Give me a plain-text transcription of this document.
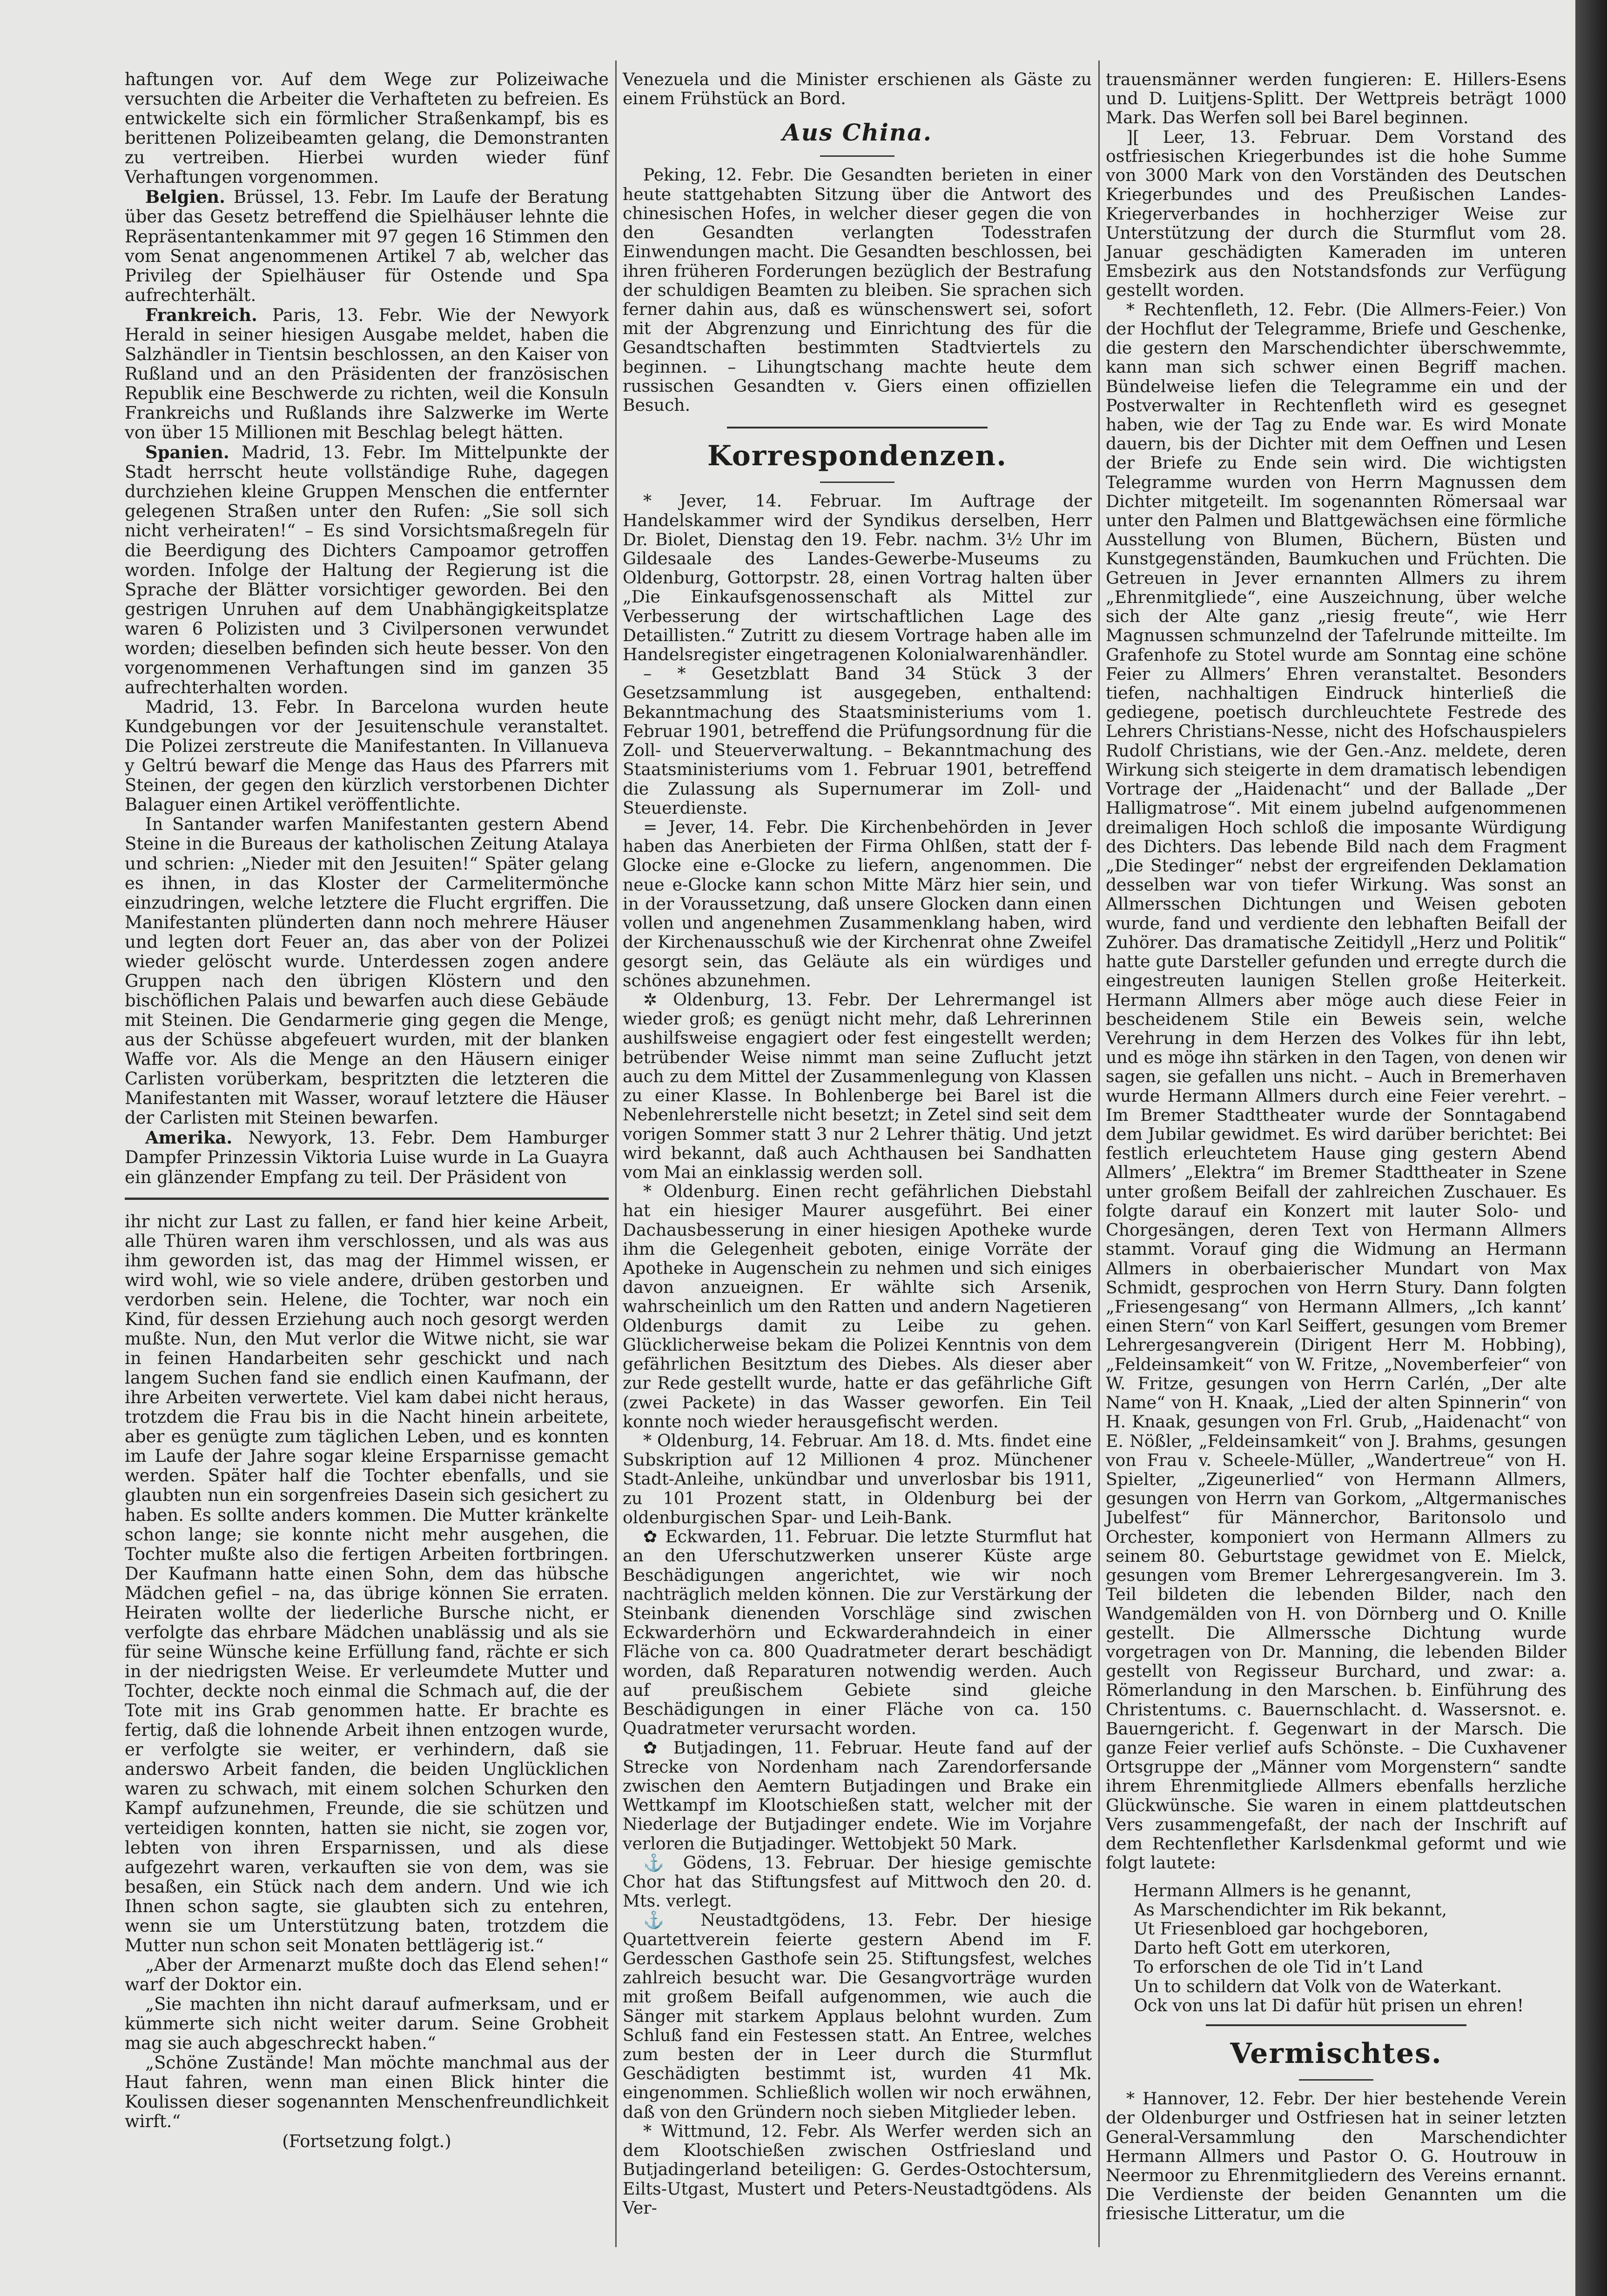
haftungen vor. Auf dem Wege zur Polizeiwache versuchten die Arbeiter die Verhafteten zu befreien. Es entwickelte sich ein förmlicher Straßenkampf, bis es berittenen Polizeibeamten gelang, die Demonstranten zu vertreiben. Hierbei wurden wieder fünf Verhaftungen vorgenommen.

Belgien. Brüssel, 13. Febr. Im Laufe der Beratung über das Gesetz betreffend die Spielhäuser lehnte die Repräsentantenkammer mit 97 gegen 16 Stimmen den vom Senat angenommenen Artikel 7 ab, welcher das Privileg der Spielhäuser für Ostende und Spa aufrechterhält.

Frankreich. Paris, 13. Febr. Wie der Newyork Herald in seiner hiesigen Ausgabe meldet, haben die Salzhändler in Tientsin beschlossen, an den Kaiser von Rußland und an den Präsidenten der französischen Republik eine Beschwerde zu richten, weil die Konsuln Frankreichs und Rußlands ihre Salzwerke im Werte von über 15 Millionen mit Beschlag belegt hätten.

Spanien. Madrid, 13. Febr. Im Mittelpunkte der Stadt herrscht heute vollständige Ruhe, dagegen durchziehen kleine Gruppen Menschen die entfernter gelegenen Straßen unter den Rufen: „Sie soll sich nicht verheiraten!“ – Es sind Vorsichtsmaßregeln für die Beerdigung des Dichters Campoamor getroffen worden. Infolge der Haltung der Regierung ist die Sprache der Blätter vorsichtiger geworden. Bei den gestrigen Unruhen auf dem Unabhängigkeitsplatze waren 6 Polizisten und 3 Civilpersonen verwundet worden; dieselben befinden sich heute besser. Von den vorgenommenen Verhaftungen sind im ganzen 35 aufrechterhalten worden.

Madrid, 13. Febr. In Barcelona wurden heute Kundgebungen vor der Jesuitenschule veranstaltet. Die Polizei zerstreute die Manifestanten. In Villanueva y Geltrú bewarf die Menge das Haus des Pfarrers mit Steinen, der gegen den kürzlich verstorbenen Dichter Balaguer einen Artikel veröffentlichte.

In Santander warfen Manifestanten gestern Abend Steine in die Bureaus der katholischen Zeitung Atalaya und schrien: „Nieder mit den Jesuiten!“ Später gelang es ihnen, in das Kloster der Carmelitermönche einzudringen, welche letztere die Flucht ergriffen. Die Manifestanten plünderten dann noch mehrere Häuser und legten dort Feuer an, das aber von der Polizei wieder gelöscht wurde. Unterdessen zogen andere Gruppen nach den übrigen Klöstern und den bischöflichen Palais und bewarfen auch diese Gebäude mit Steinen. Die Gendarmerie ging gegen die Menge, aus der Schüsse abgefeuert wurden, mit der blanken Waffe vor. Als die Menge an den Häusern einiger Carlisten vorüberkam, bespritzten die letzteren die Manifestanten mit Wasser, worauf letztere die Häuser der Carlisten mit Steinen bewarfen.

Amerika. Newyork, 13. Febr. Dem Hamburger Dampfer Prinzessin Viktoria Luise wurde in La Guayra ein glänzender Empfang zu teil. Der Präsident von

ihr nicht zur Last zu fallen, er fand hier keine Arbeit, alle Thüren waren ihm verschlossen, und als was aus ihm geworden ist, das mag der Himmel wissen, er wird wohl, wie so viele andere, drüben gestorben und verdorben sein. Helene, die Tochter, war noch ein Kind, für dessen Erziehung auch noch gesorgt werden mußte. Nun, den Mut verlor die Witwe nicht, sie war in feinen Handarbeiten sehr geschickt und nach langem Suchen fand sie endlich einen Kaufmann, der ihre Arbeiten verwertete. Viel kam dabei nicht heraus, trotzdem die Frau bis in die Nacht hinein arbeitete, aber es genügte zum täglichen Leben, und es konnten im Laufe der Jahre sogar kleine Ersparnisse gemacht werden. Später half die Tochter ebenfalls, und sie glaubten nun ein sorgenfreies Dasein sich gesichert zu haben. Es sollte anders kommen. Die Mutter kränkelte schon lange; sie konnte nicht mehr ausgehen, die Tochter mußte also die fertigen Arbeiten fortbringen. Der Kaufmann hatte einen Sohn, dem das hübsche Mädchen gefiel – na, das übrige können Sie erraten. Heiraten wollte der liederliche Bursche nicht, er verfolgte das ehrbare Mädchen unablässig und als sie für seine Wünsche keine Erfüllung fand, rächte er sich in der niedrigsten Weise. Er verleumdete Mutter und Tochter, deckte noch einmal die Schmach auf, die der Tote mit ins Grab genommen hatte. Er brachte es fertig, daß die lohnende Arbeit ihnen entzogen wurde, er verfolgte sie weiter, er verhindern, daß sie anderswo Arbeit fanden, die beiden Unglücklichen waren zu schwach, mit einem solchen Schurken den Kampf aufzunehmen, Freunde, die sie schützen und verteidigen konnten, hatten sie nicht, sie zogen vor, lebten von ihren Ersparnissen, und als diese aufgezehrt waren, verkauften sie von dem, was sie besaßen, ein Stück nach dem andern. Und wie ich Ihnen schon sagte, sie glaubten sich zu entehren, wenn sie um Unterstützung baten, trotzdem die Mutter nun schon seit Monaten bettlägerig ist.“

„Aber der Armenarzt mußte doch das Elend sehen!“ warf der Doktor ein.

„Sie machten ihn nicht darauf aufmerksam, und er kümmerte sich nicht weiter darum. Seine Grobheit mag sie auch abgeschreckt haben.“

„Schöne Zustände! Man möchte manchmal aus der Haut fahren, wenn man einen Blick hinter die Koulissen dieser sogenannten Menschenfreundlichkeit wirft.“

(Fortsetzung folgt.)

Venezuela und die Minister erschienen als Gäste zu einem Frühstück an Bord.

Aus China.

Peking, 12. Febr. Die Gesandten berieten in einer heute stattgehabten Sitzung über die Antwort des chinesischen Hofes, in welcher dieser gegen die von den Gesandten verlangten Todesstrafen Einwendungen macht. Die Gesandten beschlossen, bei ihren früheren Forderungen bezüglich der Bestrafung der schuldigen Beamten zu bleiben. Sie sprachen sich ferner dahin aus, daß es wünschenswert sei, sofort mit der Abgrenzung und Einrichtung des für die Gesandtschaften bestimmten Stadtviertels zu beginnen. – Lihungtschang machte heute dem russischen Gesandten v. Giers einen offiziellen Besuch.

Korrespondenzen.

* Jever, 14. Februar. Im Auftrage der Handelskammer wird der Syndikus derselben, Herr Dr. Biolet, Dienstag den 19. Febr. nachm. 3½ Uhr im Gildesaale des Landes-Gewerbe-Museums zu Oldenburg, Gottorpstr. 28, einen Vortrag halten über „Die Einkaufsgenossenschaft als Mittel zur Verbesserung der wirtschaftlichen Lage des Detaillisten.“ Zutritt zu diesem Vortrage haben alle im Handelsregister eingetragenen Kolonialwarenhändler.

– * Gesetzblatt Band 34 Stück 3 der Gesetzsammlung ist ausgegeben, enthaltend: Bekanntmachung des Staatsministeriums vom 1. Februar 1901, betreffend die Prüfungsordnung für die Zoll- und Steuerverwaltung. – Bekanntmachung des Staatsministeriums vom 1. Februar 1901, betreffend die Zulassung als Supernumerar im Zoll- und Steuerdienste.

= Jever, 14. Febr. Die Kirchenbehörden in Jever haben das Anerbieten der Firma Ohlßen, statt der f-Glocke eine e-Glocke zu liefern, angenommen. Die neue e-Glocke kann schon Mitte März hier sein, und in der Voraussetzung, daß unsere Glocken dann einen vollen und angenehmen Zusammenklang haben, wird der Kirchenausschuß wie der Kirchenrat ohne Zweifel gesorgt sein, das Geläute als ein würdiges und schönes abzunehmen.

✲ Oldenburg, 13. Febr. Der Lehrermangel ist wieder groß; es genügt nicht mehr, daß Lehrerinnen aushilfsweise engagiert oder fest eingestellt werden; betrübender Weise nimmt man seine Zuflucht jetzt auch zu dem Mittel der Zusammenlegung von Klassen zu einer Klasse. In Bohlenberge bei Barel ist die Nebenlehrerstelle nicht besetzt; in Zetel sind seit dem vorigen Sommer statt 3 nur 2 Lehrer thätig. Und jetzt wird bekannt, daß auch Achthausen bei Sandhatten vom Mai an einklassig werden soll.

* Oldenburg. Einen recht gefährlichen Diebstahl hat ein hiesiger Maurer ausgeführt. Bei einer Dachausbesserung in einer hiesigen Apotheke wurde ihm die Gelegenheit geboten, einige Vorräte der Apotheke in Augenschein zu nehmen und sich einiges davon anzueignen. Er wählte sich Arsenik, wahrscheinlich um den Ratten und andern Nagetieren Oldenburgs damit zu Leibe zu gehen. Glücklicherweise bekam die Polizei Kenntnis von dem gefährlichen Besitztum des Diebes. Als dieser aber zur Rede gestellt wurde, hatte er das gefährliche Gift (zwei Packete) in das Wasser geworfen. Ein Teil konnte noch wieder herausgefischt werden.

* Oldenburg, 14. Februar. Am 18. d. Mts. findet eine Subskription auf 12 Millionen 4 proz. Münchener Stadt-Anleihe, unkündbar und unverlosbar bis 1911, zu 101 Prozent statt, in Oldenburg bei der oldenburgischen Spar- und Leih-Bank.

✿ Eckwarden, 11. Februar. Die letzte Sturmflut hat an den Uferschutzwerken unserer Küste arge Beschädigungen angerichtet, wie wir noch nachträglich melden können. Die zur Verstärkung der Steinbank dienenden Vorschläge sind zwischen Eckwarderhörn und Eckwarderahndeich in einer Fläche von ca. 800 Quadratmeter derart beschädigt worden, daß Reparaturen notwendig werden. Auch auf preußischem Gebiete sind gleiche Beschädigungen in einer Fläche von ca. 150 Quadratmeter verursacht worden.

✿ Butjadingen, 11. Februar. Heute fand auf der Strecke von Nordenham nach Zarendorfersande zwischen den Aemtern Butjadingen und Brake ein Wettkampf im Klootschießen statt, welcher mit der Niederlage der Butjadinger endete. Wie im Vorjahre verloren die Butjadinger. Wettobjekt 50 Mark.

⚓ Gödens, 13. Februar. Der hiesige gemischte Chor hat das Stiftungsfest auf Mittwoch den 20. d. Mts. verlegt.

⚓ Neustadtgödens, 13. Febr. Der hiesige Quartettverein feierte gestern Abend im F. Gerdesschen Gasthofe sein 25. Stiftungsfest, welches zahlreich besucht war. Die Gesangvorträge wurden mit großem Beifall aufgenommen, wie auch die Sänger mit starkem Applaus belohnt wurden. Zum Schluß fand ein Festessen statt. An Entree, welches zum besten der in Leer durch die Sturmflut Geschädigten bestimmt ist, wurden 41 Mk. eingenommen. Schließlich wollen wir noch erwähnen, daß von den Gründern noch sieben Mitglieder leben.

* Wittmund, 12. Febr. Als Werfer werden sich an dem Klootschießen zwischen Ostfriesland und Butjadingerland beteiligen: G. Gerdes-Ostochtersum, Eilts-Utgast, Mustert und Peters-Neustadtgödens. Als Ver-

trauensmänner werden fungieren: E. Hillers-Esens und D. Luitjens-Splitt. Der Wettpreis beträgt 1000 Mark. Das Werfen soll bei Barel beginnen.

][ Leer, 13. Februar. Dem Vorstand des ostfriesischen Kriegerbundes ist die hohe Summe von 3000 Mark von den Vorständen des Deutschen Kriegerbundes und des Preußischen Landes-Kriegerverbandes in hochherziger Weise zur Unterstützung der durch die Sturmflut vom 28. Januar geschädigten Kameraden im unteren Emsbezirk aus den Notstandsfonds zur Verfügung gestellt worden.

* Rechtenfleth, 12. Febr. (Die Allmers-Feier.) Von der Hochflut der Telegramme, Briefe und Geschenke, die gestern den Marschendichter überschwemmte, kann man sich schwer einen Begriff machen. Bündelweise liefen die Telegramme ein und der Postverwalter in Rechtenfleth wird es gesegnet haben, wie der Tag zu Ende war. Es wird Monate dauern, bis der Dichter mit dem Oeffnen und Lesen der Briefe zu Ende sein wird. Die wichtigsten Telegramme wurden von Herrn Magnussen dem Dichter mitgeteilt. Im sogenannten Römersaal war unter den Palmen und Blattgewächsen eine förmliche Ausstellung von Blumen, Büchern, Büsten und Kunstgegenständen, Baumkuchen und Früchten. Die Getreuen in Jever ernannten Allmers zu ihrem „Ehrenmitgliede“, eine Auszeichnung, über welche sich der Alte ganz „riesig freute“, wie Herr Magnussen schmunzelnd der Tafelrunde mitteilte. Im Grafenhofe zu Stotel wurde am Sonntag eine schöne Feier zu Allmers’ Ehren veranstaltet. Besonders tiefen, nachhaltigen Eindruck hinterließ die gediegene, poetisch durchleuchtete Festrede des Lehrers Christians-Nesse, nicht des Hofschauspielers Rudolf Christians, wie der Gen.-Anz. meldete, deren Wirkung sich steigerte in dem dramatisch lebendigen Vortrage der „Haidenacht“ und der Ballade „Der Halligmatrose“. Mit einem jubelnd aufgenommenen dreimaligen Hoch schloß die imposante Würdigung des Dichters. Das lebende Bild nach dem Fragment „Die Stedinger“ nebst der ergreifenden Deklamation desselben war von tiefer Wirkung. Was sonst an Allmersschen Dichtungen und Weisen geboten wurde, fand und verdiente den lebhaften Beifall der Zuhörer. Das dramatische Zeitidyll „Herz und Politik“ hatte gute Darsteller gefunden und erregte durch die eingestreuten launigen Stellen große Heiterkeit. Hermann Allmers aber möge auch diese Feier in bescheidenem Stile ein Beweis sein, welche Verehrung in dem Herzen des Volkes für ihn lebt, und es möge ihn stärken in den Tagen, von denen wir sagen, sie gefallen uns nicht. – Auch in Bremerhaven wurde Hermann Allmers durch eine Feier verehrt. – Im Bremer Stadttheater wurde der Sonntagabend dem Jubilar gewidmet. Es wird darüber berichtet: Bei festlich erleuchtetem Hause ging gestern Abend Allmers’ „Elektra“ im Bremer Stadttheater in Szene unter großem Beifall der zahlreichen Zuschauer. Es folgte darauf ein Konzert mit lauter Solo- und Chorgesängen, deren Text von Hermann Allmers stammt. Vorauf ging die Widmung an Hermann Allmers in oberbaierischer Mundart von Max Schmidt, gesprochen von Herrn Stury. Dann folgten „Friesengesang“ von Hermann Allmers, „Ich kannt’ einen Stern“ von Karl Seiffert, gesungen vom Bremer Lehrergesangverein (Dirigent Herr M. Hobbing), „Feldeinsamkeit“ von W. Fritze, „Novemberfeier“ von W. Fritze, gesungen von Herrn Carlén, „Der alte Name“ von H. Knaak, „Lied der alten Spinnerin“ von H. Knaak, gesungen von Frl. Grub, „Haidenacht“ von E. Nößler, „Feldeinsamkeit“ von J. Brahms, gesungen von Frau v. Scheele-Müller, „Wandertreue“ von H. Spielter, „Zigeunerlied“ von Hermann Allmers, gesungen von Herrn van Gorkom, „Altgermanisches Jubelfest“ für Männerchor, Baritonsolo und Orchester, komponiert von Hermann Allmers zu seinem 80. Geburtstage gewidmet von E. Mielck, gesungen vom Bremer Lehrergesangverein. Im 3. Teil bildeten die lebenden Bilder, nach den Wandgemälden von H. von Dörnberg und O. Knille gestellt. Die Allmerssche Dichtung wurde vorgetragen von Dr. Manning, die lebenden Bilder gestellt von Regisseur Burchard, und zwar: a. Römerlandung in den Marschen. b. Einführung des Christentums. c. Bauernschlacht. d. Wassersnot. e. Bauerngericht. f. Gegenwart in der Marsch. Die ganze Feier verlief aufs Schönste. – Die Cuxhavener Ortsgruppe der „Männer vom Morgenstern“ sandte ihrem Ehrenmitgliede Allmers ebenfalls herzliche Glückwünsche. Sie waren in einem plattdeutschen Vers zusammengefaßt, der nach der Inschrift auf dem Rechtenflether Karlsdenkmal geformt und wie folgt lautete:

Hermann Allmers is he genannt,

As Marschendichter im Rik bekannt,

Ut Friesenbloed gar hochgeboren,

Darto heft Gott em uterkoren,

To erforschen de ole Tid in’t Land

Un to schildern dat Volk von de Waterkant.

Ock von uns lat Di dafür hüt prisen un ehren!

Vermischtes.

* Hannover, 12. Febr. Der hier bestehende Verein der Oldenburger und Ostfriesen hat in seiner letzten General-Versammlung den Marschendichter Hermann Allmers und Pastor O. G. Houtrouw in Neermoor zu Ehrenmitgliedern des Vereins ernannt. Die Verdienste der beiden Genannten um die friesische Litteratur, um die
